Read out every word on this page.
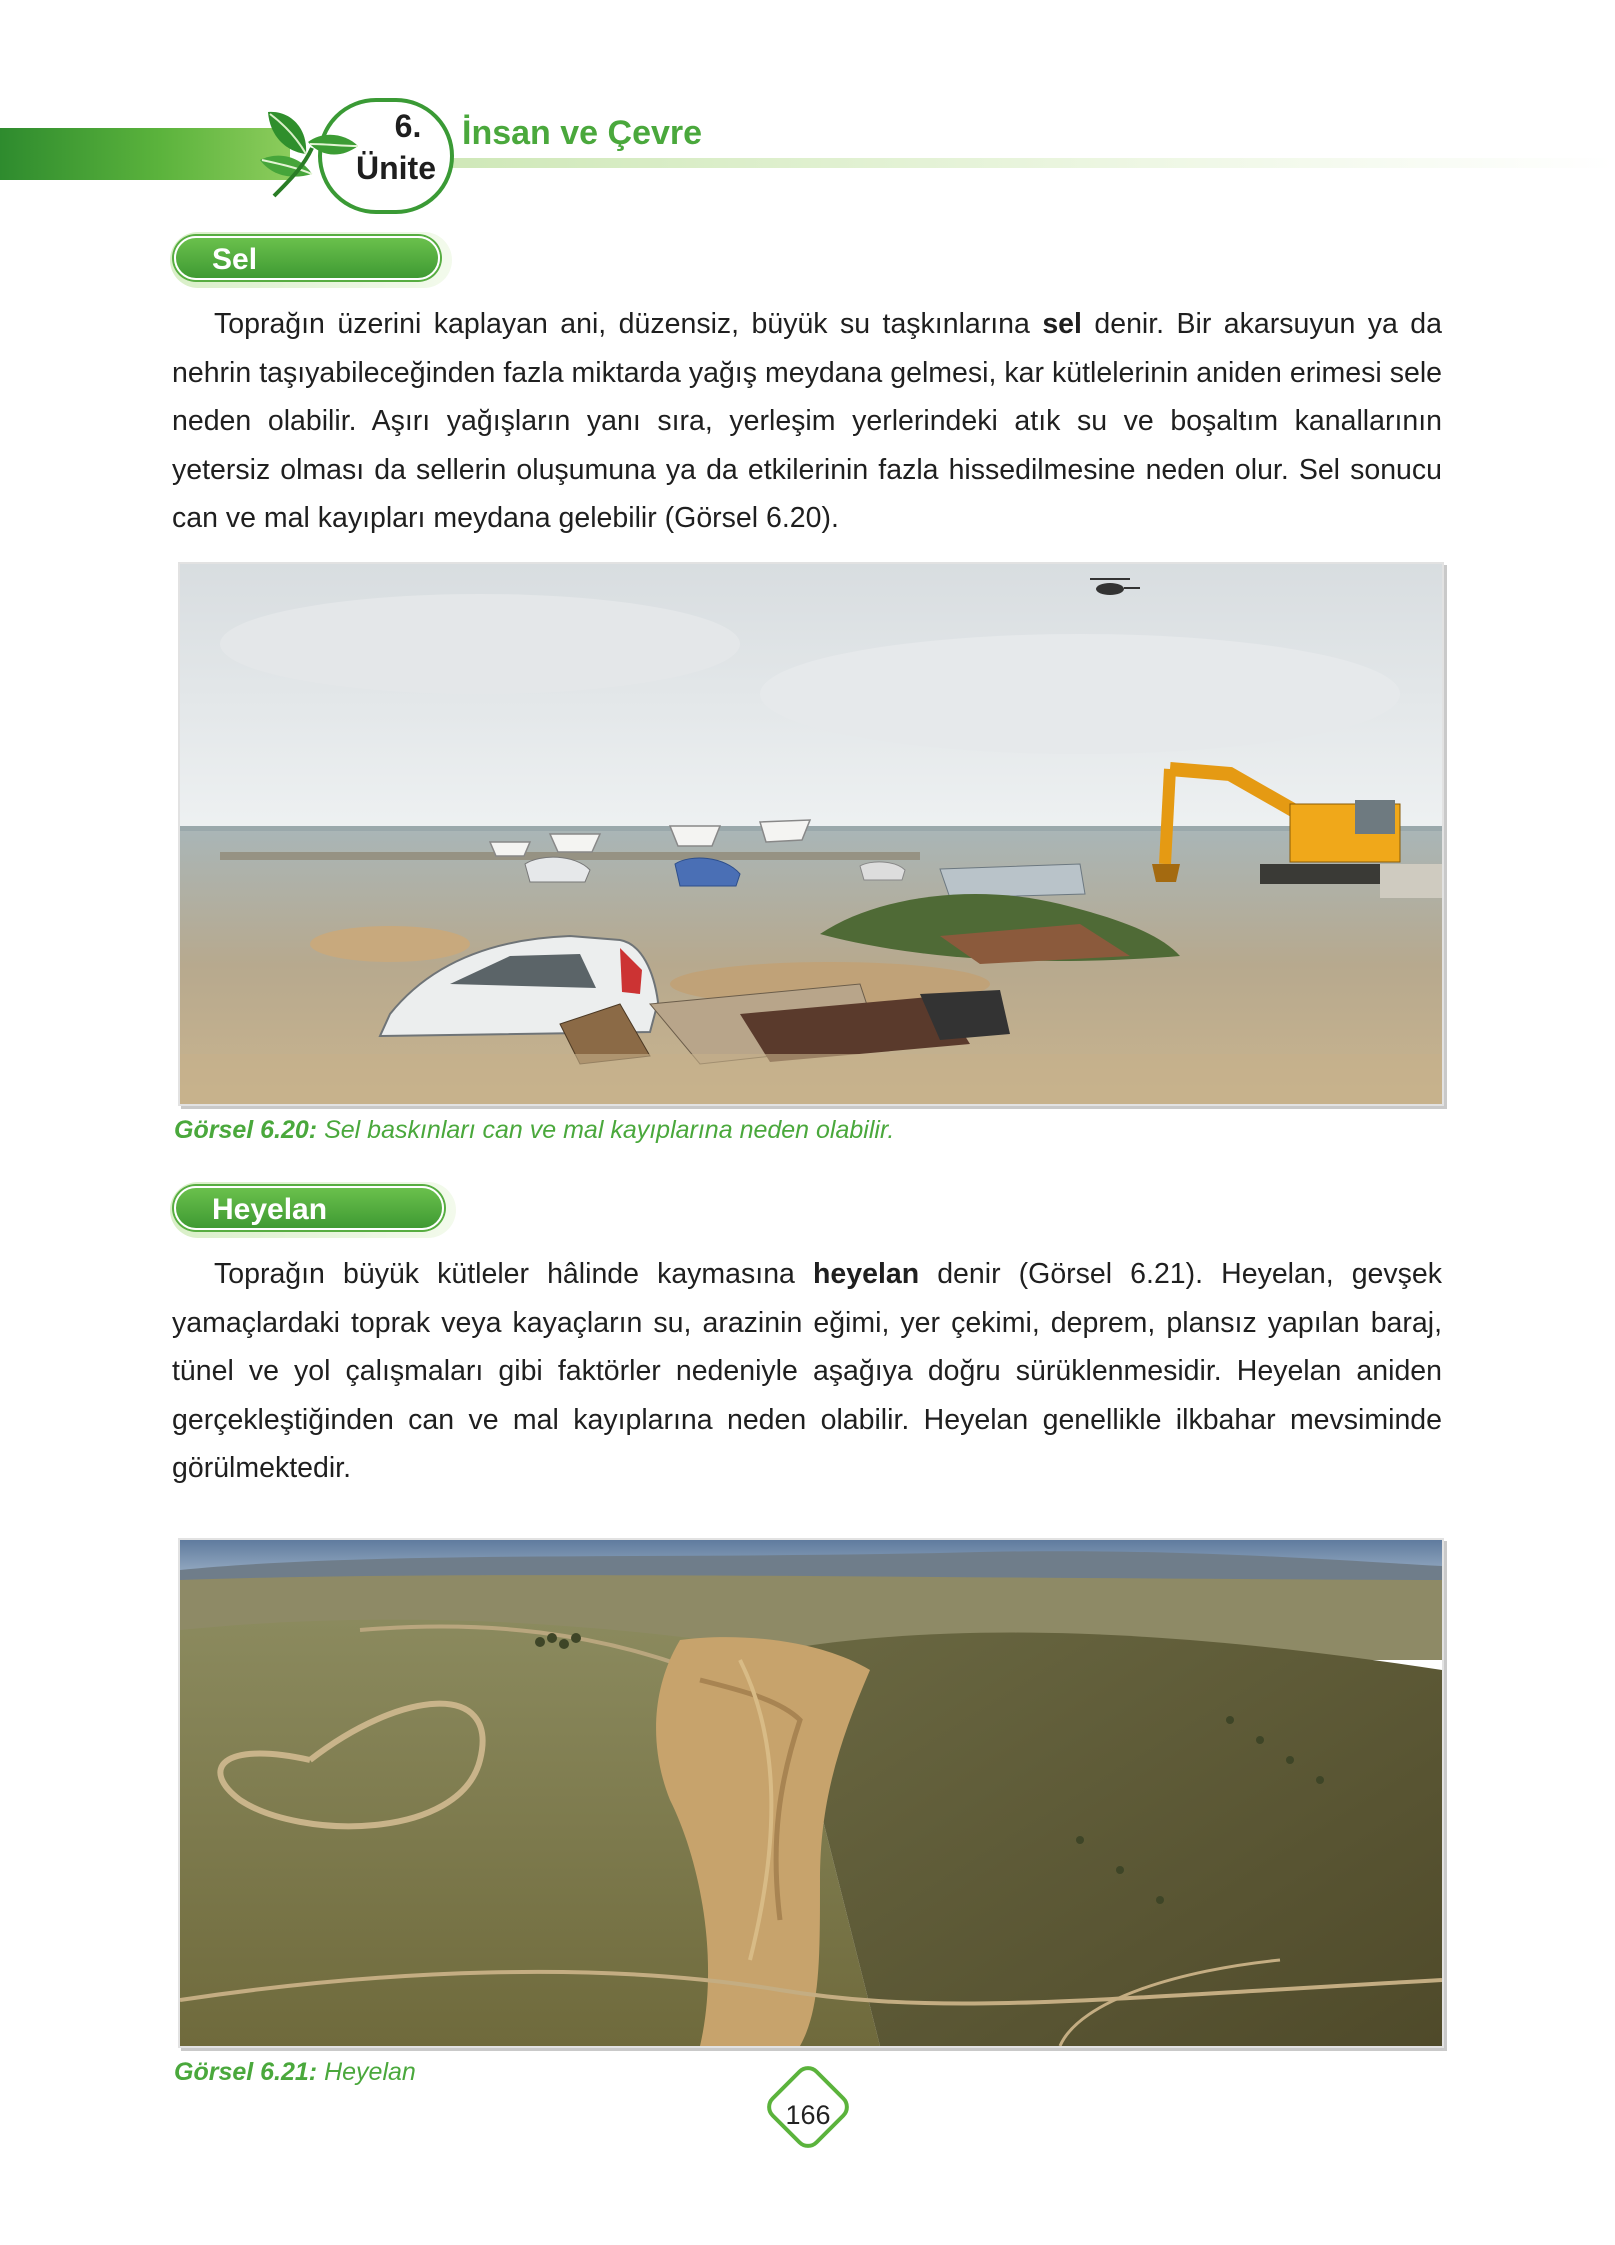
6.
Ünite
İnsan ve Çevre
Sel
Toprağın üzerini kaplayan ani, düzensiz, büyük su taşkınlarına sel denir. Bir akarsuyun ya da nehrin taşıyabileceğinden fazla miktarda yağış meydana gelmesi, kar kütlelerinin aniden erimesi sele neden olabilir. Aşırı yağışların yanı sıra, yerleşim yerlerindeki atık su ve boşaltım kanallarının yetersiz olması da sellerin oluşumuna ya da etkilerinin fazla hissedilmesine neden olur. Sel sonucu can ve mal kayıpları meydana gelebilir (Görsel 6.20).
Görsel 6.20: Sel baskınları can ve mal kayıplarına neden olabilir.
Heyelan
Toprağın büyük kütleler hâlinde kaymasına heyelan denir (Görsel 6.21). Heyelan, gevşek yamaçlardaki toprak veya kayaçların su, arazinin eğimi, yer çekimi, deprem, plansız yapılan baraj, tünel ve yol çalışmaları gibi faktörler nedeniyle aşağıya doğru sürüklenmesidir. Heyelan aniden gerçekleştiğinden can ve mal kayıplarına neden olabilir. Heyelan genellikle ilkbahar mevsiminde görülmektedir.
Görsel 6.21: Heyelan
166
